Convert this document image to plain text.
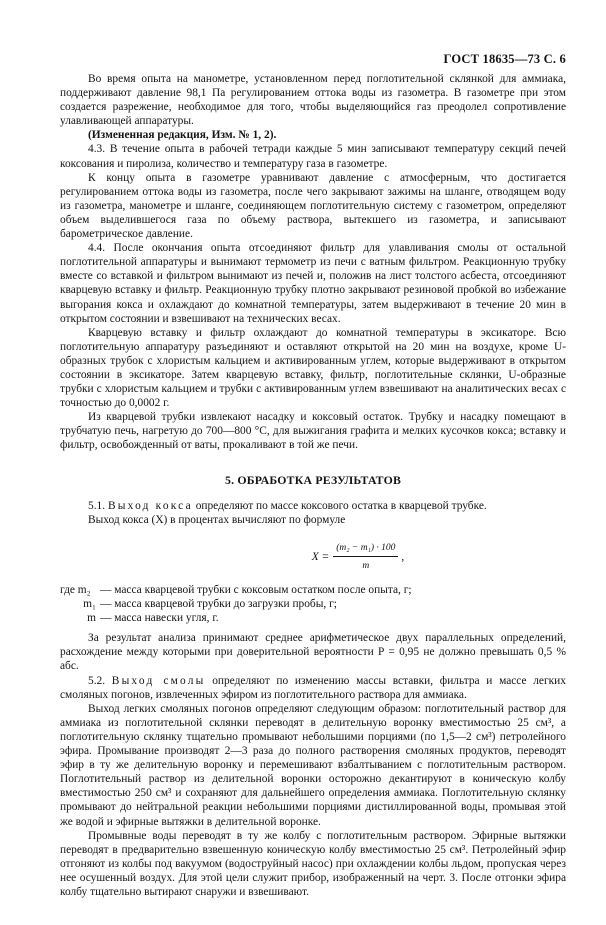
ГОСТ 18635—73 С. 6

Во время опыта на манометре, установленном перед поглотительной склянкой для аммиака, поддерживают давление 98,1 Па регулированием оттока воды из газометра. В газометре при этом создается разрежение, необходимое для того, чтобы выделяющийся газ преодолел сопротивление улавливающей аппаратуры.

(Измененная редакция, Изм. № 1, 2).

4.3. В течение опыта в рабочей тетради каждые 5 мин записывают температуру секций печей коксования и пиролиза, количество и температуру газа в газометре.

К концу опыта в газометре уравнивают давление с атмосферным, что достигается регулированием оттока воды из газометра, после чего закрывают зажимы на шланге, отводящем воду из газометра, манометре и шланге, соединяющем поглотительную систему с газометром, определяют объем выделившегося газа по объему раствора, вытекшего из газометра, и записывают барометрическое давление.

4.4. После окончания опыта отсоединяют фильтр для улавливания смолы от остальной поглотительной аппаратуры и вынимают термометр из печи с ватным фильтром. Реакционную трубку вместе со вставкой и фильтром вынимают из печей и, положив на лист толстого асбеста, отсоединяют кварцевую вставку и фильтр. Реакционную трубку плотно закрывают резиновой пробкой во избежание выгорания кокса и охлаждают до комнатной температуры, затем выдерживают в течение 20 мин в открытом состоянии и взвешивают на технических весах.

Кварцевую вставку и фильтр охлаждают до комнатной температуры в эксикаторе. Всю поглотительную аппаратуру разъединяют и оставляют открытой на 20 мин на воздухе, кроме U-образных трубок с хлористым кальцием и активированным углем, которые выдерживают в открытом состоянии в эксикаторе. Затем кварцевую вставку, фильтр, поглотительные склянки, U-образные трубки с хлористым кальцием и трубки с активированным углем взвешивают на аналитических весах с точностью до 0,0002 г.

Из кварцевой трубки извлекают насадку и коксовый остаток. Трубку и насадку помещают в трубчатую печь, нагретую до 700—800 °С, для выжигания графита и мелких кусочков кокса; вставку и фильтр, освобожденный от ваты, прокаливают в той же печи.

5. ОБРАБОТКА РЕЗУЛЬТАТОВ

5.1. Выход кокса определяют по массе коксового остатка в кварцевой трубке.

Выход кокса (X) в процентах вычисляют по формуле

$X = \frac{\text{(m₂ − m₁) · 100}}{m}$ ,
где m₂ — масса кварцевой трубки с коксовым остатком после опыта, г;
m₁ — масса кварцевой трубки до загрузки пробы, г;
m — масса навески угля, г.

За результат анализа принимают среднее арифметическое двух параллельных определений, расхождение между которыми при доверительной вероятности P = 0,95 не должно превышать 0,5 % абс.

5.2. Выход смолы определяют по изменению массы вставки, фильтра и массе легких смоляных погонов, извлеченных эфиром из поглотительного раствора для аммиака.

Выход легких смоляных погонов определяют следующим образом: поглотительный раствор для аммиака из поглотительной склянки переводят в делительную воронку вместимостью 25 см³, а поглотительную склянку тщательно промывают небольшими порциями (по 1,5—2 см³) петролейного эфира. Промывание производят 2—3 раза до полного растворения смоляных продуктов, переводят эфир в ту же делительную воронку и перемешивают взбалтыванием с поглотительным раствором. Поглотительный раствор из делительной воронки осторожно декантируют в коническую колбу вместимостью 250 см³ и сохраняют для дальнейшего определения аммиака. Поглотительную склянку промывают до нейтральной реакции небольшими порциями дистиллированной воды, промывая этой же водой и эфирные вытяжки в делительной воронке.

Промывные воды переводят в ту же колбу с поглотительным раствором. Эфирные вытяжки переводят в предварительно взвешенную коническую колбу вместимостью 25 см³. Петролейный эфир отгоняют из колбы под вакуумом (водоструйный насос) при охлаждении колбы льдом, пропуская через нее осушенный воздух. Для этой цели служит прибор, изображенный на черт. 3. После отгонки эфира колбу тщательно вытирают снаружи и взвешивают.
